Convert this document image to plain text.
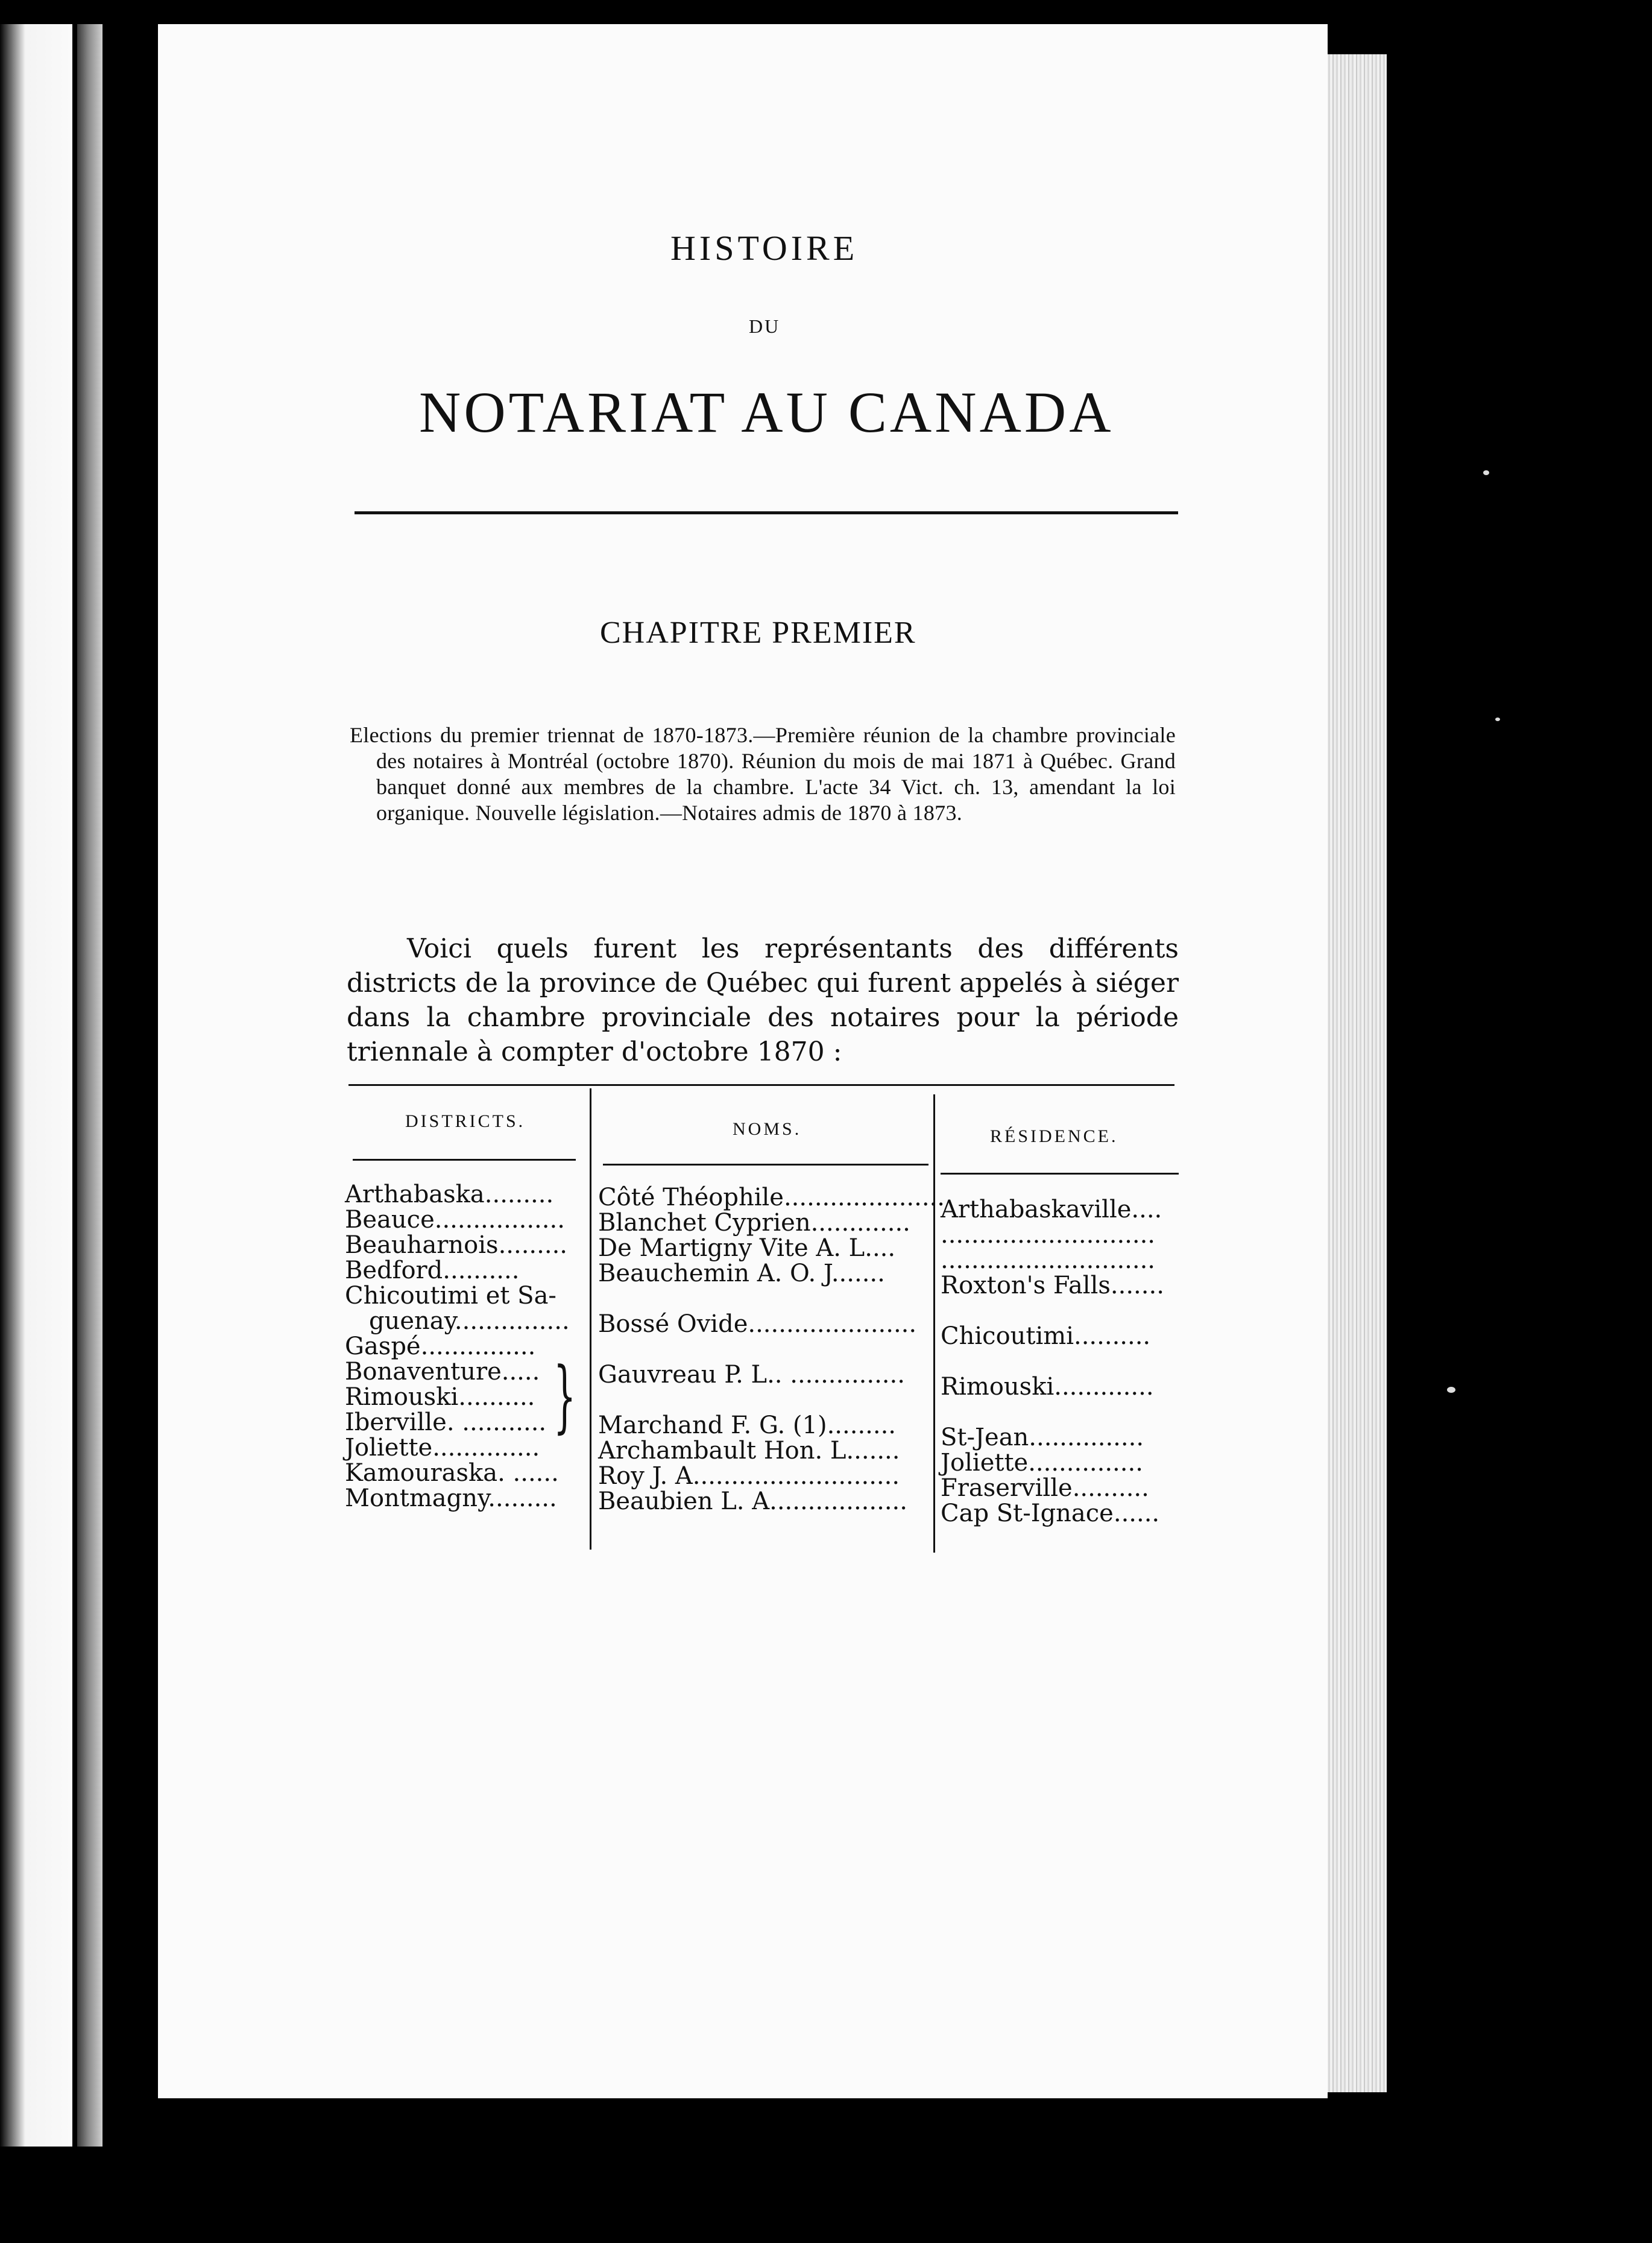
HISTOIRE
DU
NOTARIAT AU CANADA
CHAPITRE PREMIER

Elections du premier triennat de 1870-1873.—Première réunion de la chambre provinciale des notaires à Montréal (octobre 1870). Réunion du mois de mai 1871 à Québec. Grand banquet donné aux membres de la chambre. L'acte 34 Vict. ch. 13, amendant la loi organique. Nouvelle législation.—Notaires admis de 1870 à 1873.

Voici quels furent les représentants des différents districts de la province de Québec qui furent appelés à siéger dans la chambre provinciale des notaires pour la période triennale à compter d'octobre 1870 :

DISTRICTS.	NOMS.	RÉSIDENCE.
Arthabaska.........
Beauce.................
Beauharnois.........
Bedford..........
Chicoutimi et Sa-
guenay...............
Gaspé...............
Bonaventure.....
Rimouski..........
Iberville. ...........
Joliette..............
Kamouraska. ......
Montmagny.........
}
Côté Théophile.....................
Blanchet Cyprien.............
De Martigny Vite A. L....
Beauchemin A. O. J.......
Bossé Ovide......................
Gauvreau P. L.. ...............
Marchand F. G. (1).........
Archambault Hon. L.......
Roy J. A...........................
Beaubien L. A..................
Arthabaskaville....
............................
............................
Roxton's Falls.......
Chicoutimi..........
Rimouski.............
St-Jean...............
Joliette...............
Fraserville..........
Cap St-Ignace......
